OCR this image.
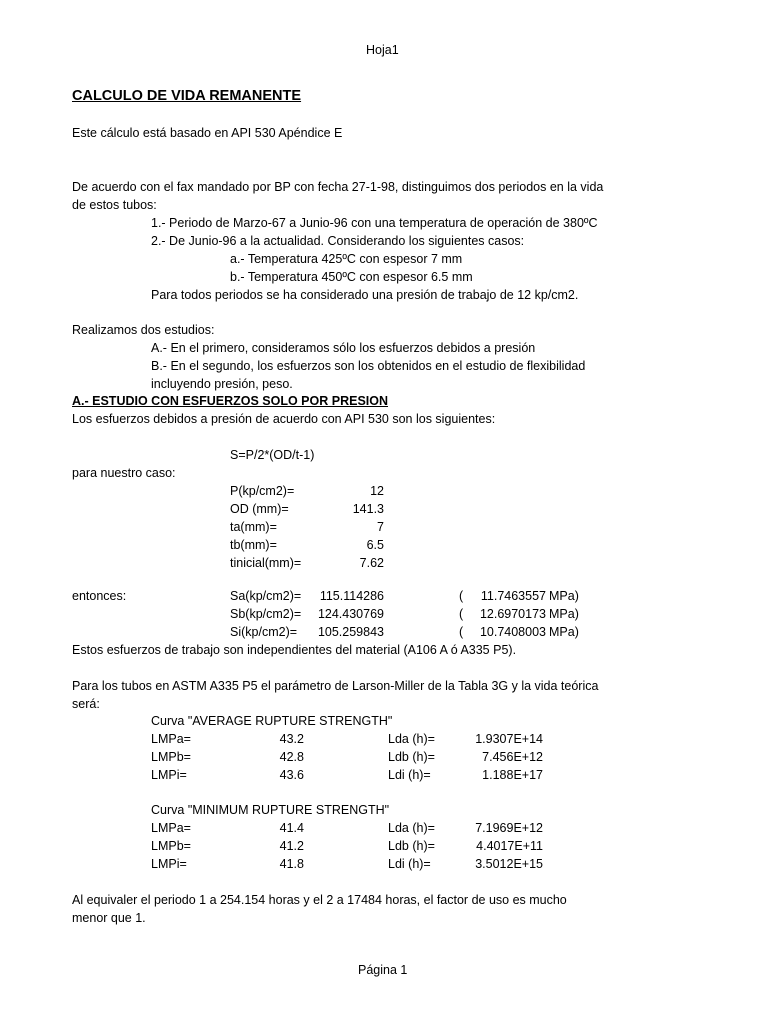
Hoja1
Página 1
CALCULO DE VIDA REMANENTE
Este cálculo está basado en API 530 Apéndice E
De acuerdo con el fax mandado por BP con fecha 27-1-98, distinguimos dos periodos en la vida
de estos tubos:
1.- Periodo de Marzo-67 a Junio-96 con una temperatura de operación de 380ºC
2.- De Junio-96 a la actualidad. Considerando los siguientes casos:
a.- Temperatura 425ºC con espesor 7 mm
b.- Temperatura 450ºC con espesor 6.5 mm
Para todos periodos se ha considerado una presión de trabajo de 12 kp/cm2.
Realizamos dos estudios:
A.- En el primero, consideramos sólo los esfuerzos debidos a presión
B.- En el segundo, los esfuerzos son los obtenidos en el estudio de flexibilidad
incluyendo presión, peso.
A.- ESTUDIO CON ESFUERZOS SOLO POR PRESION
Los esfuerzos debidos a presión de acuerdo con API 530 son los siguientes:
S=P/2*(OD/t-1)
para nuestro caso:
P(kp/cm2)=	12
OD (mm)=	141.3
ta(mm)=	7
tb(mm)=	6.5
tinicial(mm)=	7.62
entonces:	Sa(kp/cm2)=	115.114286	(	11.7463557 MPa)
Sb(kp/cm2)=	124.430769	(	12.6970173 MPa)
Si(kp/cm2)=	105.259843	(	10.7408003 MPa)
Estos esfuerzos de trabajo son independientes del material (A106 A ó A335 P5).
Para los tubos en ASTM A335 P5 el parámetro de Larson-Miller de la Tabla 3G y la vida teórica
será:
Curva "AVERAGE RUPTURE STRENGTH"
LMPa=	43.2	Lda (h)=	1.9307E+14
LMPb=	42.8	Ldb (h)=	7.456E+12
LMPi=	43.6	Ldi (h)=	1.188E+17
Curva "MINIMUM RUPTURE STRENGTH"
LMPa=	41.4	Lda (h)=	7.1969E+12
LMPb=	41.2	Ldb (h)=	4.4017E+11
LMPi=	41.8	Ldi (h)=	3.5012E+15
Al equivaler el periodo 1 a 254.154 horas y el 2 a 17484 horas, el factor de uso es mucho
menor que 1.
